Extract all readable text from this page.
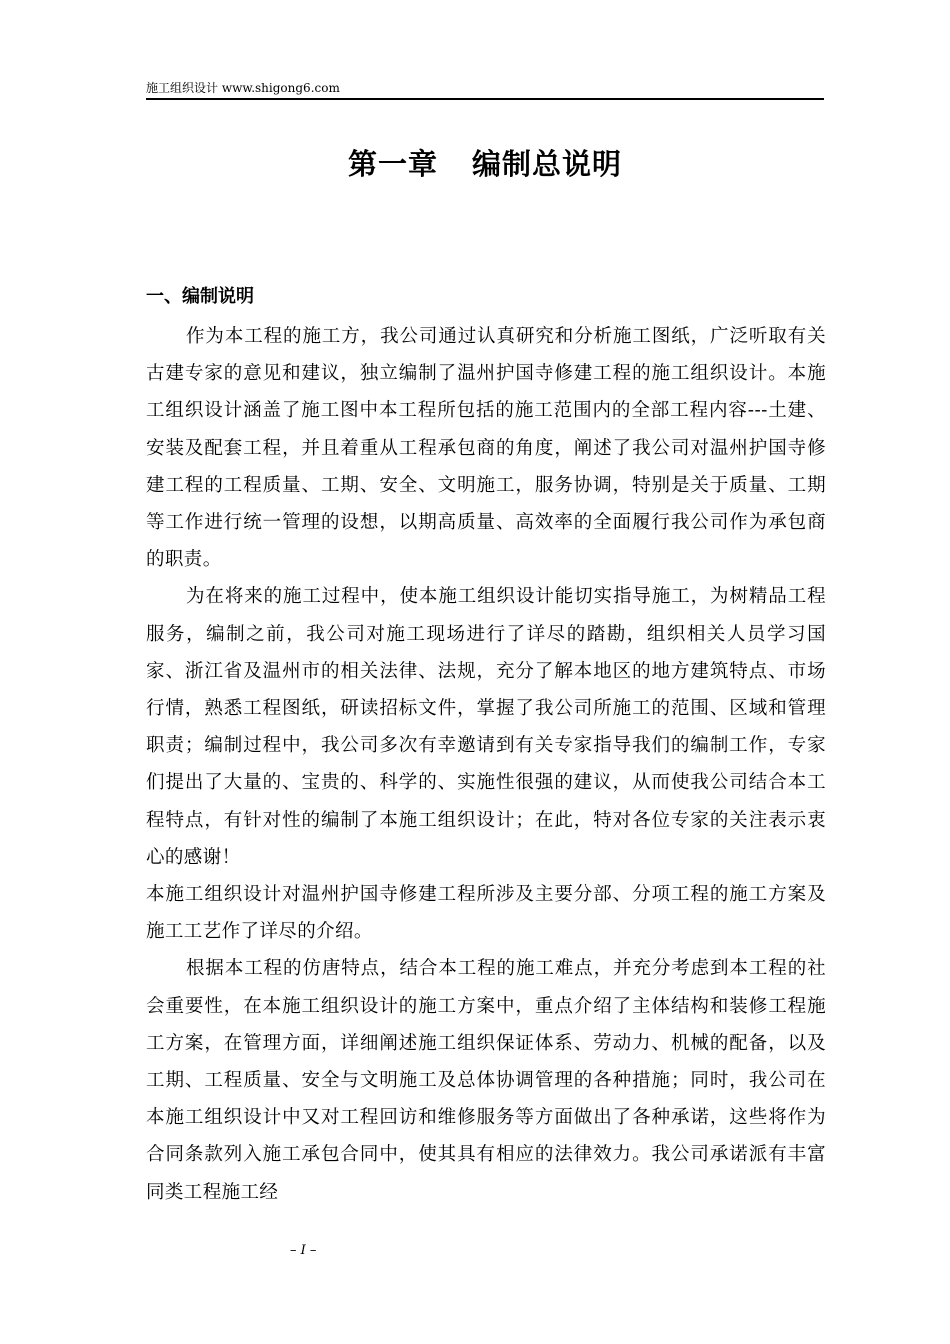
施工组织设计 www.shigong6.com
第一章 编制总说明
一、编制说明

作为本工程的施工方，我公司通过认真研究和分析施工图纸，广泛听取有关古建专家的意见和建议，独立编制了温州护国寺修建工程的施工组织设计。本施工组织设计涵盖了施工图中本工程所包括的施工范围内的全部工程内容---土建、安装及配套工程，并且着重从工程承包商的角度，阐述了我公司对温州护国寺修建工程的工程质量、工期、安全、文明施工，服务协调，特别是关于质量、工期等工作进行统一管理的设想，以期高质量、高效率的全面履行我公司作为承包商的职责。

为在将来的施工过程中，使本施工组织设计能切实指导施工，为树精品工程服务，编制之前，我公司对施工现场进行了详尽的踏勘，组织相关人员学习国家、浙江省及温州市的相关法律、法规，充分了解本地区的地方建筑特点、市场行情，熟悉工程图纸，研读招标文件，掌握了我公司所施工的范围、区域和管理职责；编制过程中，我公司多次有幸邀请到有关专家指导我们的编制工作，专家们提出了大量的、宝贵的、科学的、实施性很强的建议，从而使我公司结合本工程特点，有针对性的编制了本施工组织设计；在此，特对各位专家的关注表示衷心的感谢！

本施工组织设计对温州护国寺修建工程所涉及主要分部、分项工程的施工方案及施工工艺作了详尽的介绍。

根据本工程的仿唐特点，结合本工程的施工难点，并充分考虑到本工程的社会重要性，在本施工组织设计的施工方案中，重点介绍了主体结构和装修工程施工方案，在管理方面，详细阐述施工组织保证体系、劳动力、机械的配备，以及工期、工程质量、安全与文明施工及总体协调管理的各种措施；同时，我公司在本施工组织设计中又对工程回访和维修服务等方面做出了各种承诺，这些将作为合同条款列入施工承包合同中，使其具有相应的法律效力。我公司承诺派有丰富同类工程施工经

– I –
